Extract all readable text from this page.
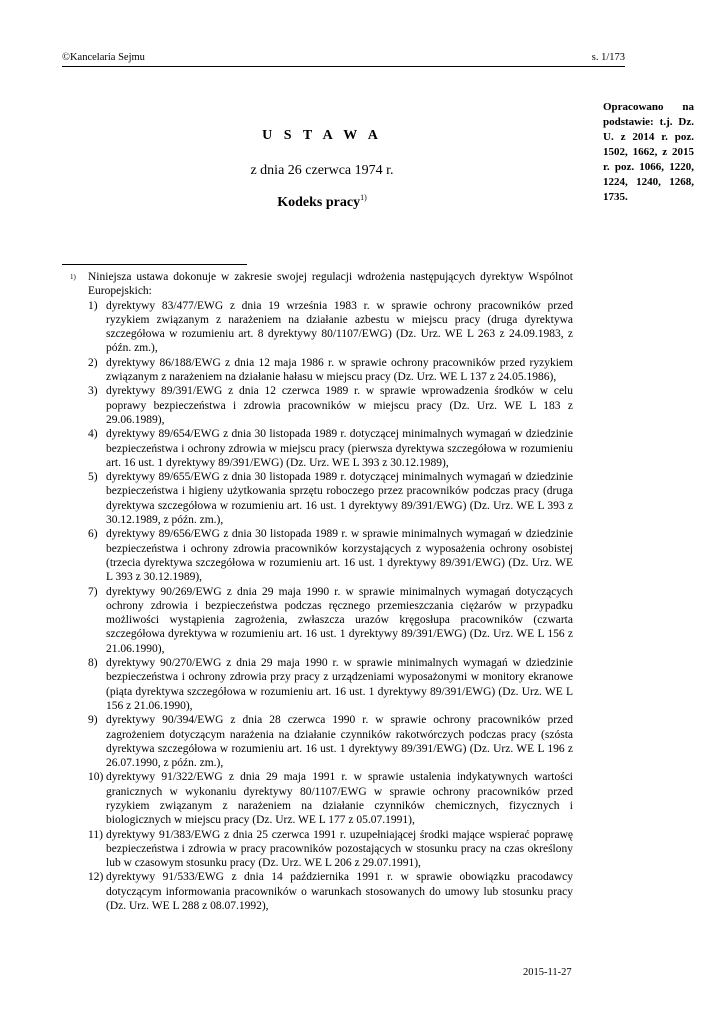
©Kancelaria Sejmu	s. 1/173
Opracowano na podstawie: t.j. Dz. U. z 2014 r. poz. 1502, 1662, z 2015 r. poz. 1066, 1220, 1224, 1240, 1268, 1735.
U S T A W A
z dnia 26 czerwca 1974 r.
Kodeks pracy$^{1)}$
1) Niniejsza ustawa dokonuje w zakresie swojej regulacji wdrożenia następujących dyrektyw Wspólnot Europejskich:
1) dyrektywy 83/477/EWG z dnia 19 września 1983 r. w sprawie ochrony pracowników przed ryzykiem związanym z narażeniem na działanie azbestu w miejscu pracy (druga dyrektywa szczegółowa w rozumieniu art. 8 dyrektywy 80/1107/EWG) (Dz. Urz. WE L 263 z 24.09.1983, z późn. zm.),
2) dyrektywy 86/188/EWG z dnia 12 maja 1986 r. w sprawie ochrony pracowników przed ryzykiem związanym z narażeniem na działanie hałasu w miejscu pracy (Dz. Urz. WE L 137 z 24.05.1986),
3) dyrektywy 89/391/EWG z dnia 12 czerwca 1989 r. w sprawie wprowadzenia środków w celu poprawy bezpieczeństwa i zdrowia pracowników w miejscu pracy (Dz. Urz. WE L 183 z 29.06.1989),
4) dyrektywy 89/654/EWG z dnia 30 listopada 1989 r. dotyczącej minimalnych wymagań w dziedzinie bezpieczeństwa i ochrony zdrowia w miejscu pracy (pierwsza dyrektywa szczegółowa w rozumieniu art. 16 ust. 1 dyrektywy 89/391/EWG) (Dz. Urz. WE L 393 z 30.12.1989),
5) dyrektywy 89/655/EWG z dnia 30 listopada 1989 r. dotyczącej minimalnych wymagań w dziedzinie bezpieczeństwa i higieny użytkowania sprzętu roboczego przez pracowników podczas pracy (druga dyrektywa szczegółowa w rozumieniu art. 16 ust. 1 dyrektywy 89/391/EWG) (Dz. Urz. WE L 393 z 30.12.1989, z późn. zm.),
6) dyrektywy 89/656/EWG z dnia 30 listopada 1989 r. w sprawie minimalnych wymagań w dziedzinie bezpieczeństwa i ochrony zdrowia pracowników korzystających z wyposażenia ochrony osobistej (trzecia dyrektywa szczegółowa w rozumieniu art. 16 ust. 1 dyrektywy 89/391/EWG) (Dz. Urz. WE L 393 z 30.12.1989),
7) dyrektywy 90/269/EWG z dnia 29 maja 1990 r. w sprawie minimalnych wymagań dotyczących ochrony zdrowia i bezpieczeństwa podczas ręcznego przemieszczania ciężarów w przypadku możliwości wystąpienia zagrożenia, zwłaszcza urazów kręgosłupa pracowników (czwarta szczegółowa dyrektywa w rozumieniu art. 16 ust. 1 dyrektywy 89/391/EWG) (Dz. Urz. WE L 156 z 21.06.1990),
8) dyrektywy 90/270/EWG z dnia 29 maja 1990 r. w sprawie minimalnych wymagań w dziedzinie bezpieczeństwa i ochrony zdrowia przy pracy z urządzeniami wyposażonymi w monitory ekranowe (piąta dyrektywa szczegółowa w rozumieniu art. 16 ust. 1 dyrektywy 89/391/EWG) (Dz. Urz. WE L 156 z 21.06.1990),
9) dyrektywy 90/394/EWG z dnia 28 czerwca 1990 r. w sprawie ochrony pracowników przed zagrożeniem dotyczącym narażenia na działanie czynników rakotwórczych podczas pracy (szósta dyrektywa szczegółowa w rozumieniu art. 16 ust. 1 dyrektywy 89/391/EWG) (Dz. Urz. WE L 196 z 26.07.1990, z późn. zm.),
10) dyrektywy 91/322/EWG z dnia 29 maja 1991 r. w sprawie ustalenia indykatywnych wartości granicznych w wykonaniu dyrektywy 80/1107/EWG w sprawie ochrony pracowników przed ryzykiem związanym z narażeniem na działanie czynników chemicznych, fizycznych i biologicznych w miejscu pracy (Dz. Urz. WE L 177 z 05.07.1991),
11) dyrektywy 91/383/EWG z dnia 25 czerwca 1991 r. uzupełniającej środki mające wspierać poprawę bezpieczeństwa i zdrowia w pracy pracowników pozostających w stosunku pracy na czas określony lub w czasowym stosunku pracy (Dz. Urz. WE L 206 z 29.07.1991),
12) dyrektywy 91/533/EWG z dnia 14 października 1991 r. w sprawie obowiązku pracodawcy dotyczącym informowania pracowników o warunkach stosowanych do umowy lub stosunku pracy (Dz. Urz. WE L 288 z 08.07.1992),
2015-11-27
